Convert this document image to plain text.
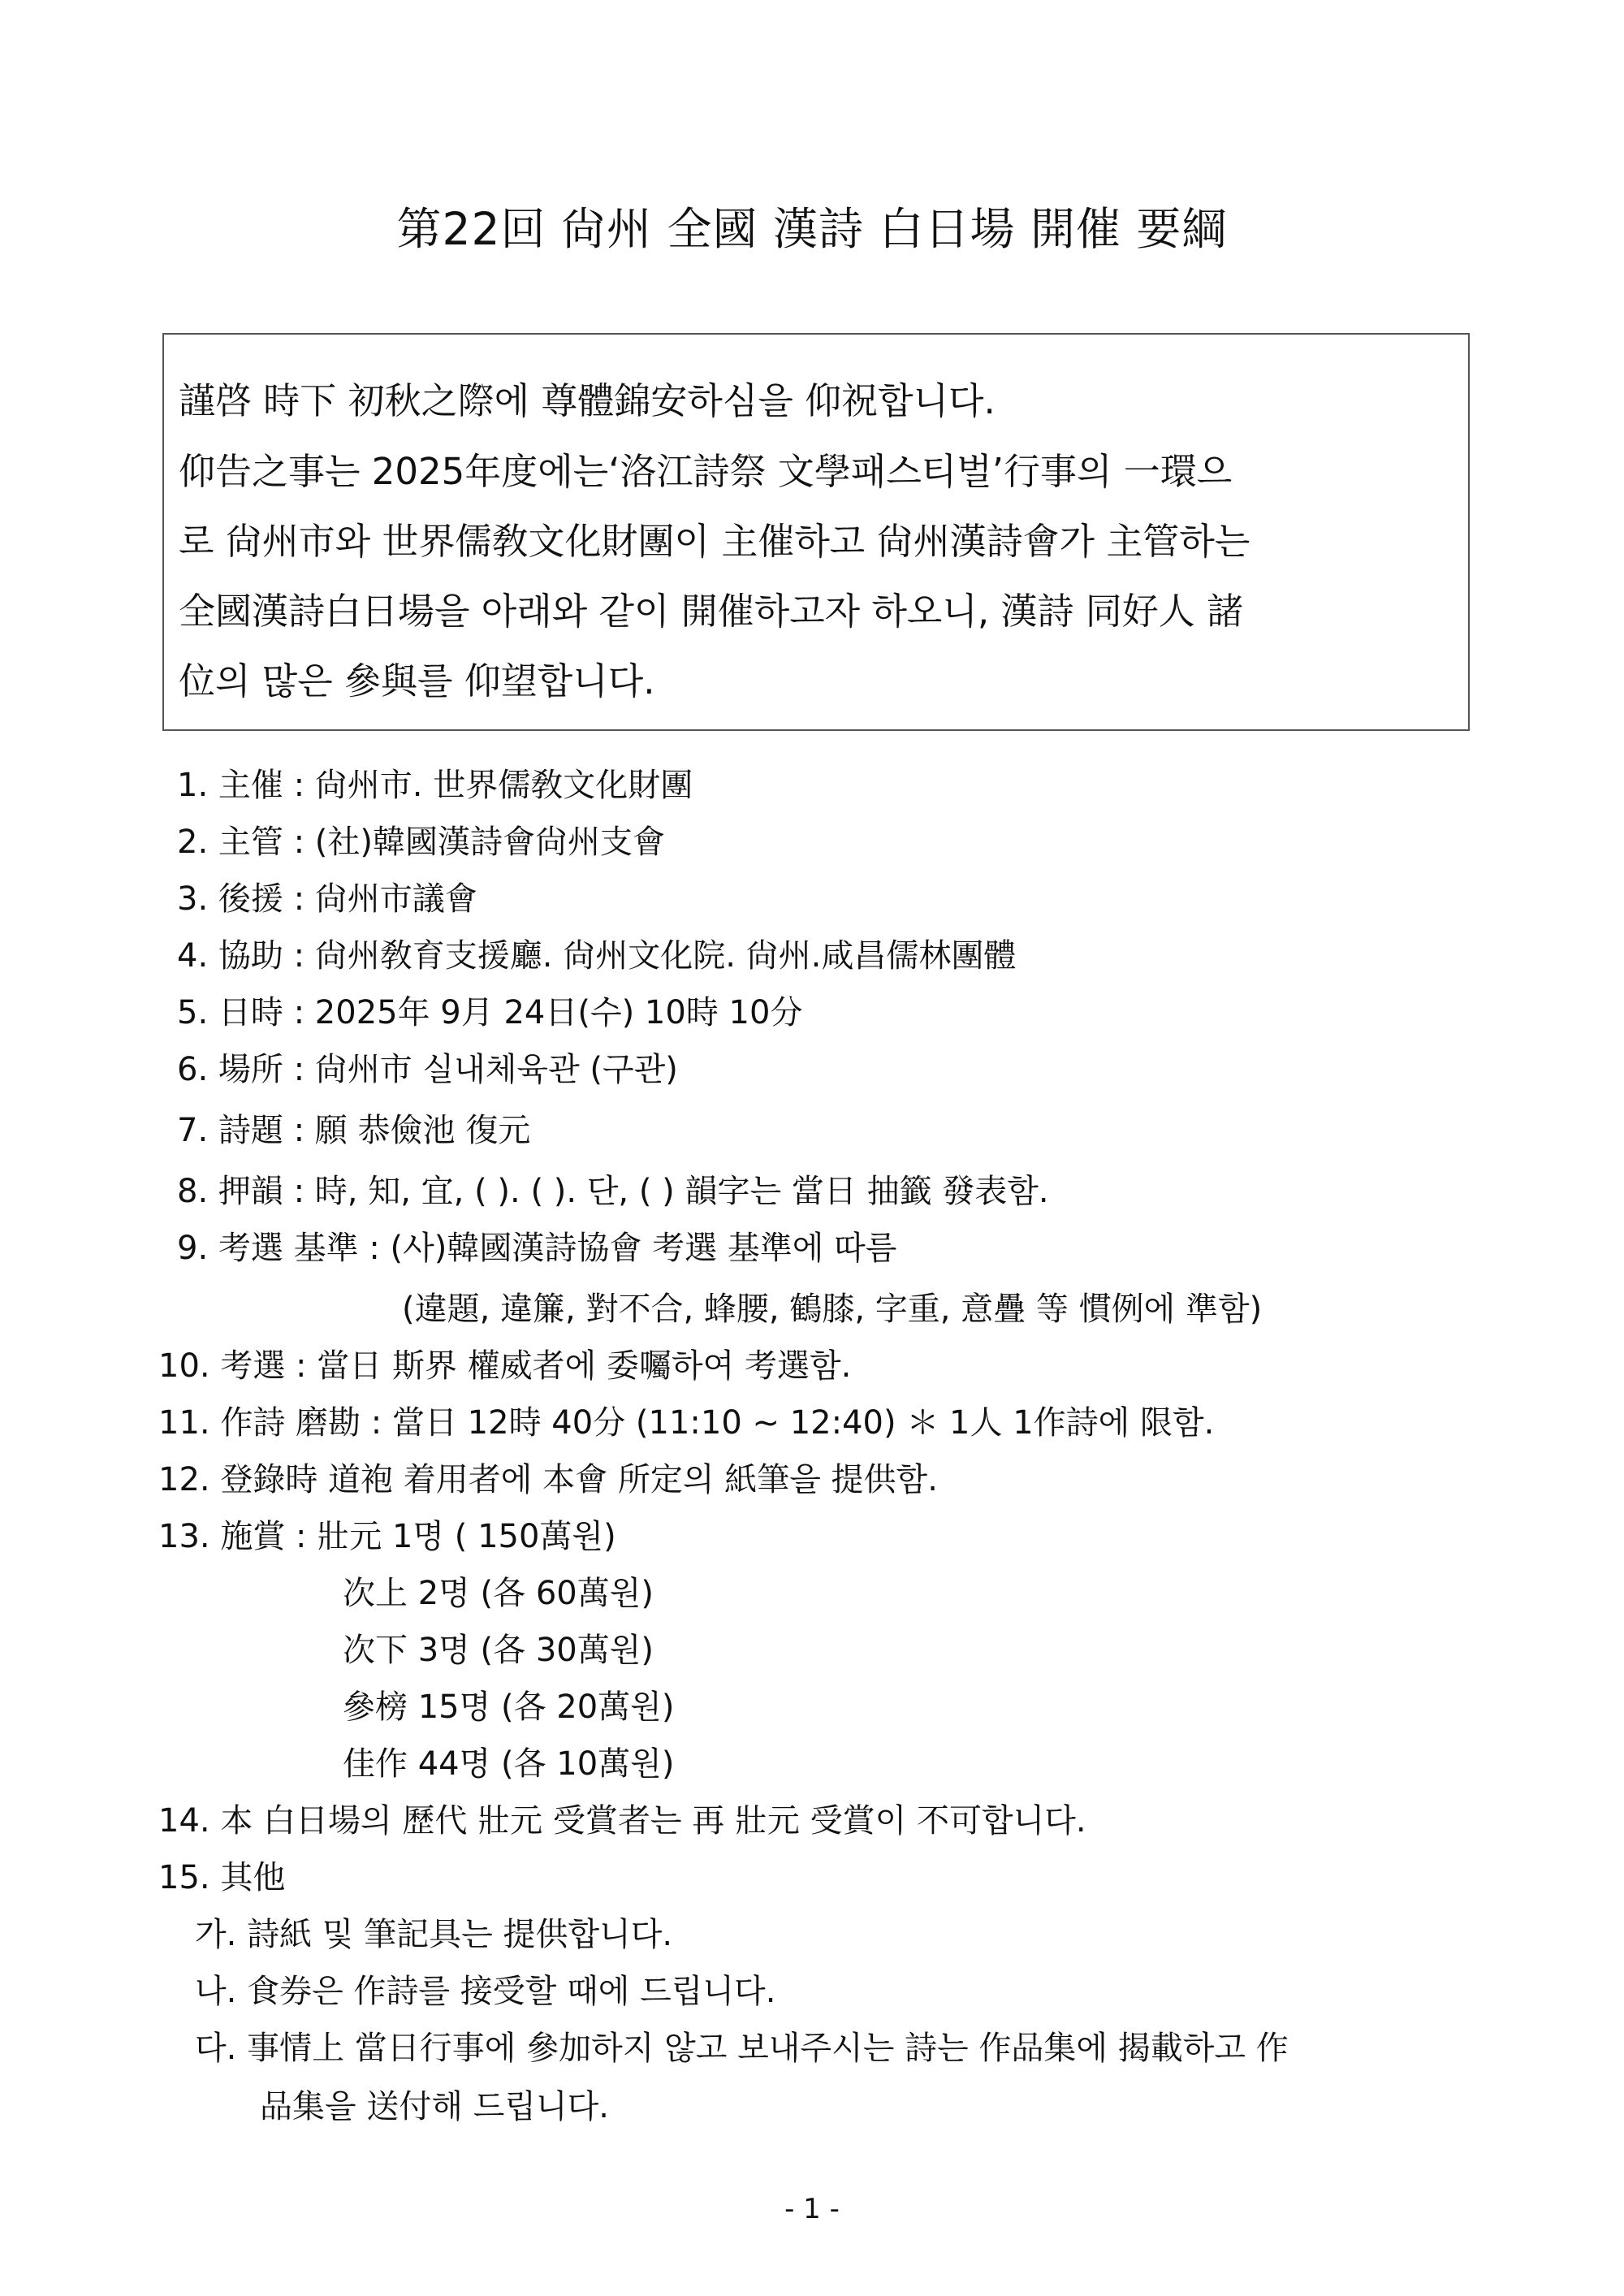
第22回 尙州 全國 漢詩 白日場 開催 要綱
謹啓 時下 初秋之際에 尊體錦安하심을 仰祝합니다.
仰告之事는 2025年度에는‘洛江詩祭 文學패스티벌’行事의 一環으
로 尙州市와 世界儒敎文化財團이 主催하고 尙州漢詩會가 主管하는
全國漢詩白日場을 아래와 같이 開催하고자 하오니, 漢詩 同好人 諸
位의 많은 參與를 仰望합니다.
1. 主催 : 尙州市. 世界儒敎文化財團
2. 主管 : (社)韓國漢詩會尙州支會
3. 後援 : 尙州市議會
4. 協助 : 尙州敎育支援廳. 尙州文化院. 尙州.咸昌儒林團體
5. 日時 : 2025年 9月 24日(수) 10時 10分
6. 場所 : 尙州市 실내체육관 (구관)
7. 詩題 : 願 恭儉池 復元
8. 押韻 : 時, 知, 宜, ( ). ( ). 단, ( ) 韻字는 當日 抽籤 發表함.
9. 考選 基準 : (사)韓國漢詩協會 考選 基準에 따름
(違題, 違簾, 對不合, 蜂腰, 鶴膝, 字重, 意疊 等 慣例에 準함)
10. 考選 : 當日 斯界 權威者에 委囑하여 考選함.
11. 作詩 磨勘 : 當日 12時 40分 (11:10 ~ 12:40) ＊ 1人 1作詩에 限함.
12. 登錄時 道袍 着用者에 本會 所定의 紙筆을 提供함.
13. 施賞 : 壯元 1명 ( 150萬원)
次上 2명 (各 60萬원)
次下 3명 (各 30萬원)
參榜 15명 (各 20萬원)
佳作 44명 (各 10萬원)
14. 本 白日場의 歷代 壯元 受賞者는 再 壯元 受賞이 不可합니다.
15. 其他
가. 詩紙 및 筆記具는 提供합니다.
나. 食券은 作詩를 接受할 때에 드립니다.
다. 事情上 當日行事에 參加하지 않고 보내주시는 詩는 作品集에 揭載하고 作
品集을 送付해 드립니다.
- 1 -
